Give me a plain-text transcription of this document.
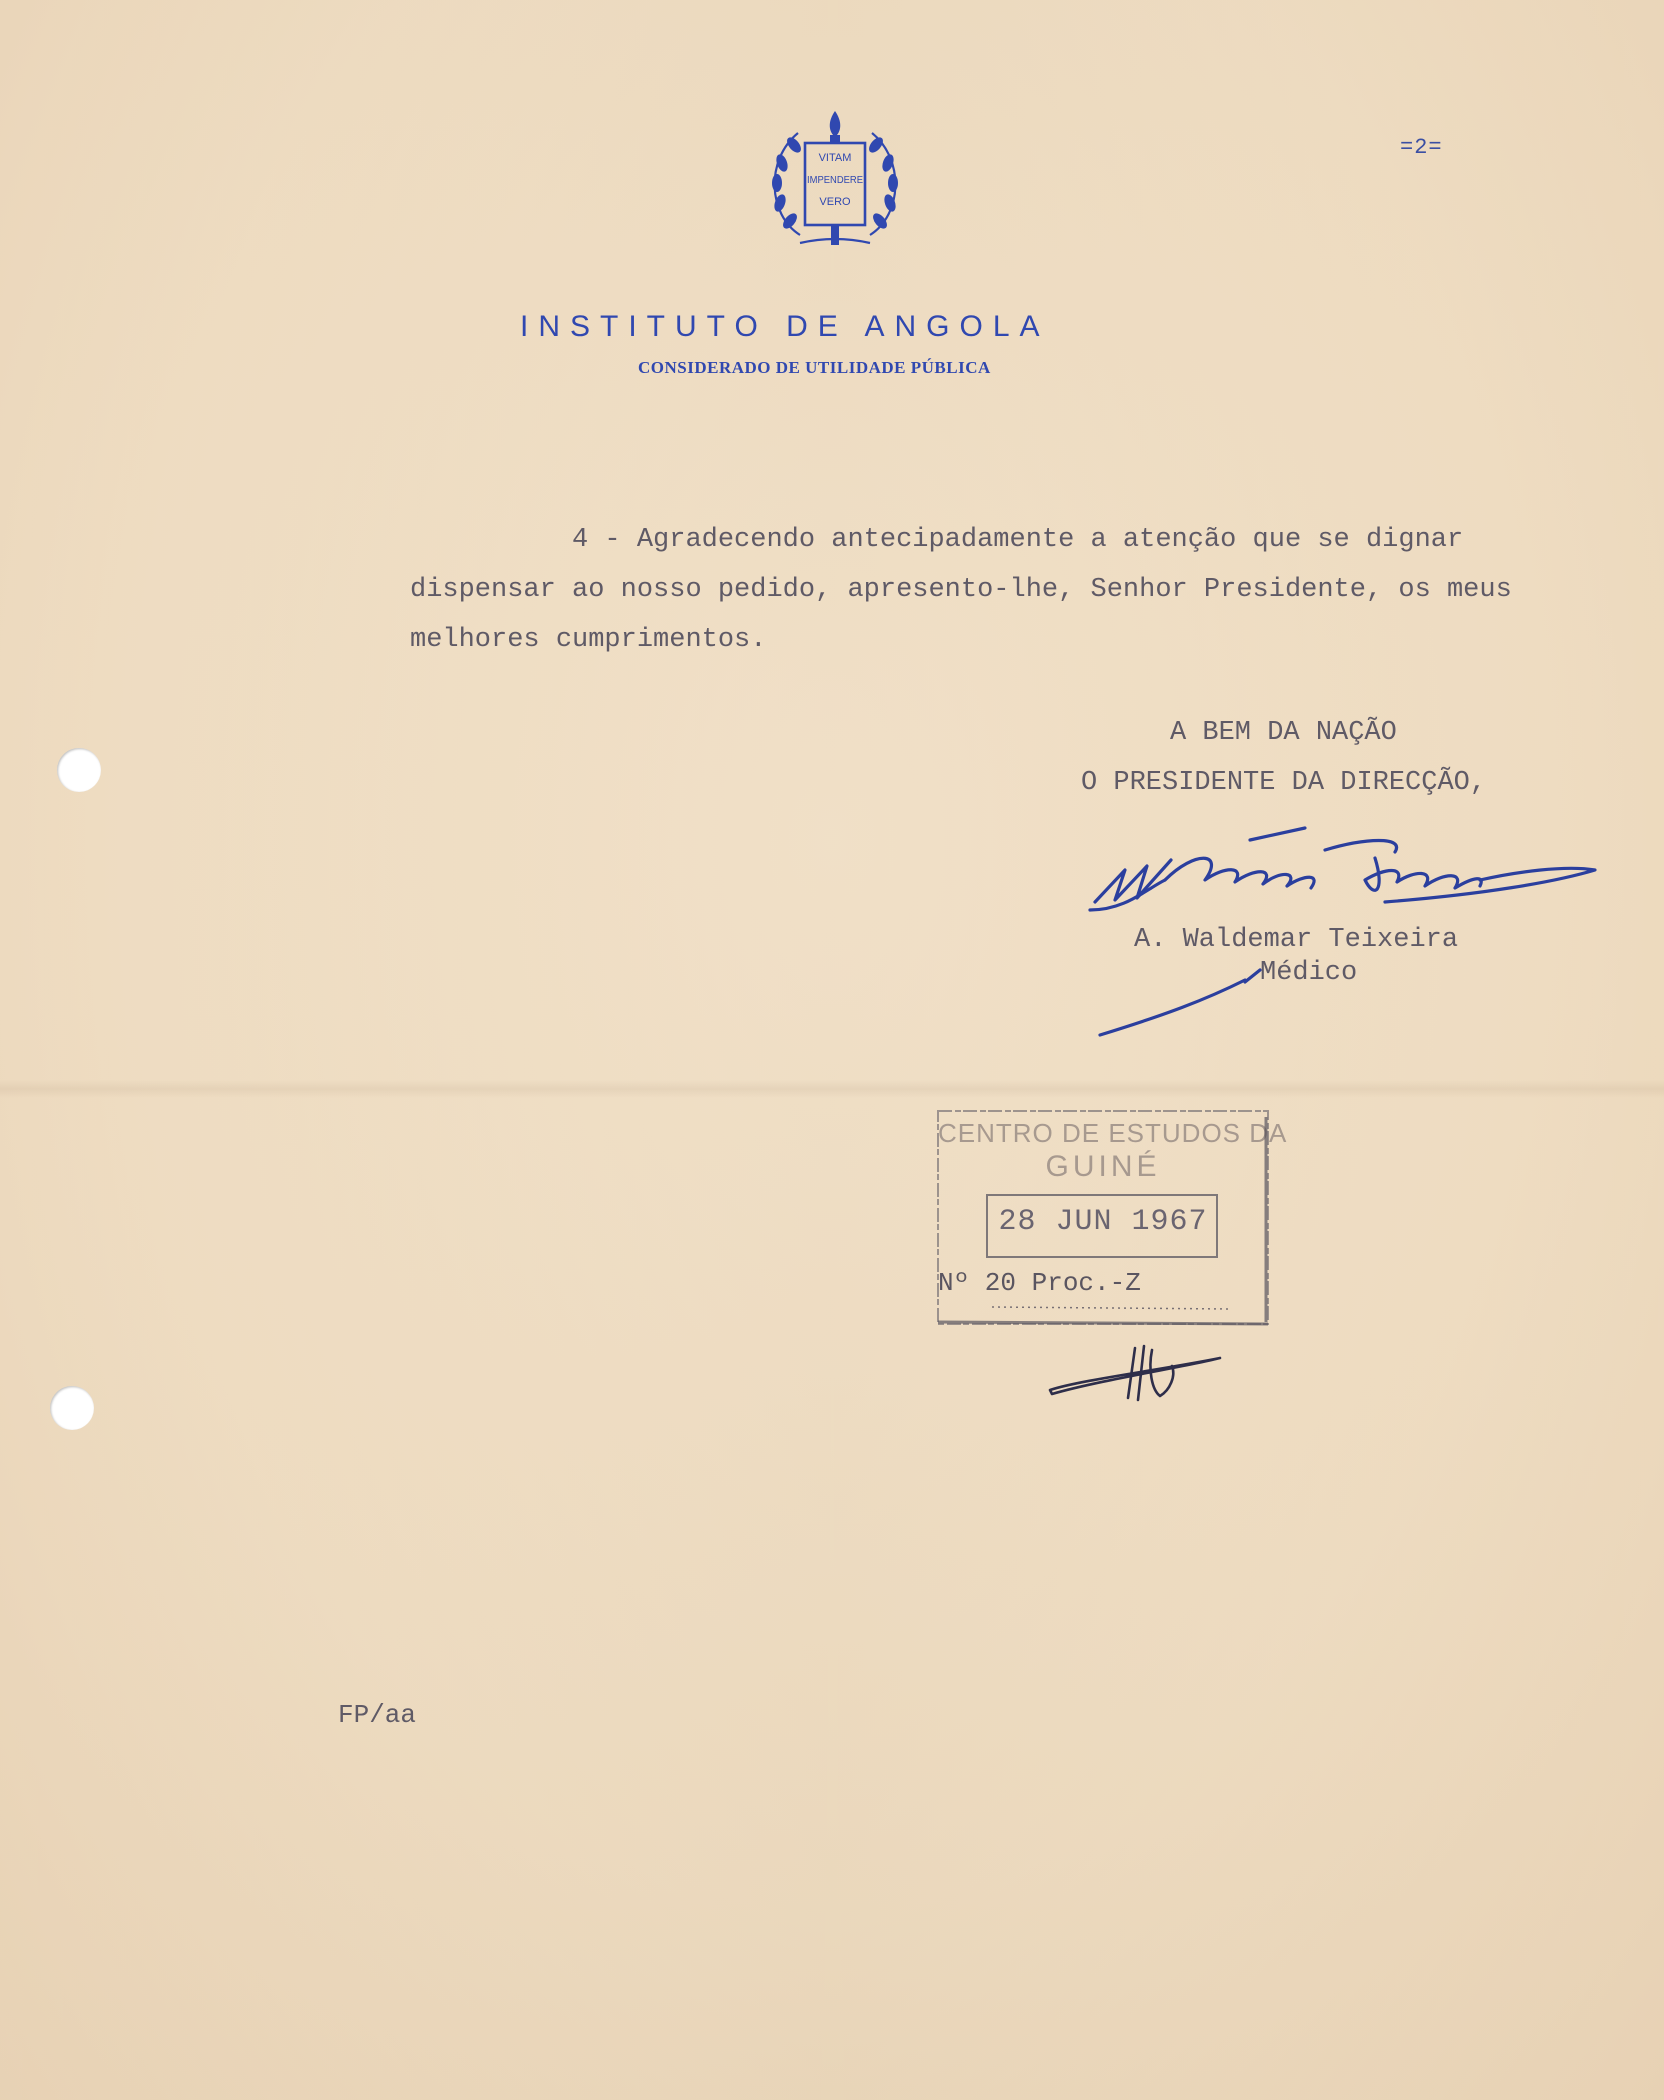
=2=
VITAM
IMPENDERE
VERO
INSTITUTO DE ANGOLA
CONSIDERADO DE UTILIDADE PÚBLICA
4 - Agradecendo antecipadamente a atenção que se dignar
dispensar ao nosso pedido, apresento-lhe, Senhor Presidente, os meus
melhores cumprimentos.
A BEM DA NAÇÃO
O PRESIDENTE DA DIRECÇÃO,
A. Waldemar Teixeira
Médico
CENTRO DE ESTUDOS DA
GUINÉ
28 JUN 1967
Nº 20 Proc.-Z
FP/aa
